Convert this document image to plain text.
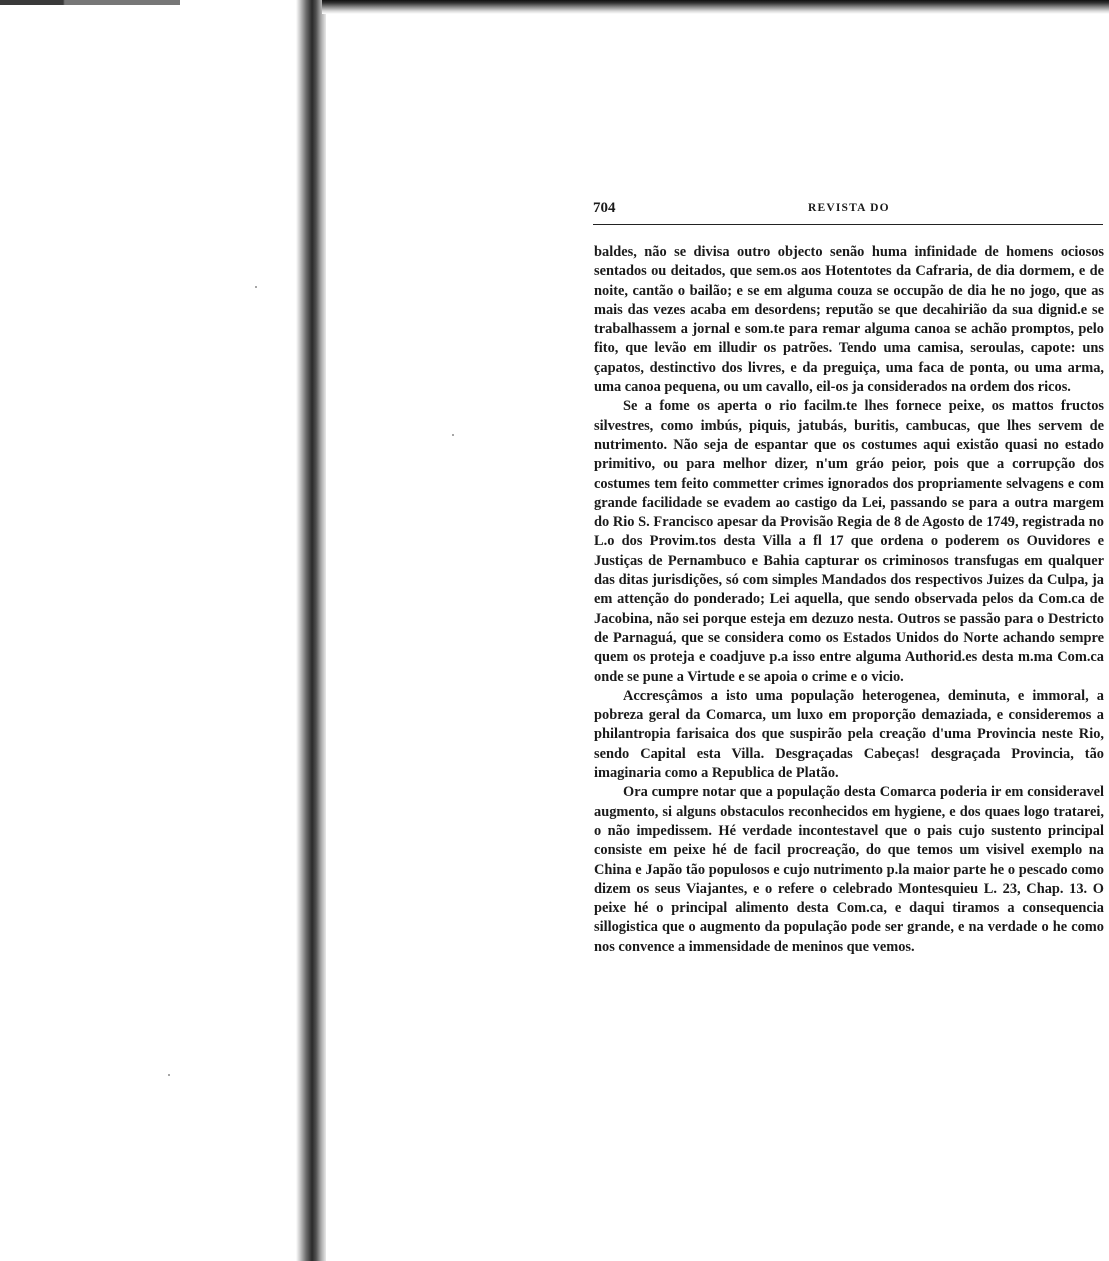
704	REVISTA DO

baldes, não se divisa outro objecto senão huma infinidade de homens ociosos sentados ou deitados, que sem.os aos Hotentotes da Cafraria, de dia dormem, e de noite, cantão o bailão; e se em alguma couza se occupão de dia he no jogo, que as mais das vezes acaba em desordens; reputão se que decahirião da sua dignid.e se trabalhassem a jornal e som.te para remar alguma canoa se achão promptos, pelo fito, que levão em illudir os patrões. Tendo uma camisa, seroulas, capote: uns çapatos, destinctivo dos livres, e da preguiça, uma faca de ponta, ou uma arma, uma canoa pequena, ou um cavallo, eil-os ja considerados na ordem dos ricos.

Se a fome os aperta o rio facilm.te lhes fornece peixe, os mattos fructos silvestres, como imbús, piquis, jatubás, buritis, cambucas, que lhes servem de nutrimento. Não seja de espantar que os costumes aqui existão quasi no estado primitivo, ou para melhor dizer, n'um gráo peior, pois que a corrupção dos costumes tem feito commetter crimes ignorados dos propriamente selvagens e com grande facilidade se evadem ao castigo da Lei, passando se para a outra margem do Rio S. Francisco apesar da Provisão Regia de 8 de Agosto de 1749, registrada no L.o dos Provim.tos desta Villa a fl 17 que ordena o poderem os Ouvidores e Justiças de Pernambuco e Bahia capturar os criminosos transfugas em qualquer das ditas jurisdições, só com simples Mandados dos respectivos Juizes da Culpa, ja em attenção do ponderado; Lei aquella, que sendo observada pelos da Com.ca de Jacobina, não sei porque esteja em dezuzo nesta. Outros se passão para o Destricto de Parnaguá, que se considera como os Estados Unidos do Norte achando sempre quem os proteja e coadjuve p.a isso entre alguma Authorid.es desta m.ma Com.ca onde se pune a Virtude e se apoia o crime e o vicio.

Accresçâmos a isto uma população heterogenea, deminuta, e immoral, a pobreza geral da Comarca, um luxo em proporção demaziada, e consideremos a philantropia farisaica dos que suspirão pela creação d'uma Provincia neste Rio, sendo Capital esta Villa. Desgraçadas Cabeças! desgraçada Provincia, tão imaginaria como a Republica de Platão.

Ora cumpre notar que a população desta Comarca poderia ir em consideravel augmento, si alguns obstaculos reconhecidos em hygiene, e dos quaes logo tratarei, o não impedissem. Hé verdade incontestavel que o pais cujo sustento principal consiste em peixe hé de facil procreação, do que temos um visivel exemplo na China e Japão tão populosos e cujo nutrimento p.la maior parte he o pescado como dizem os seus Viajantes, e o refere o celebrado Montesquieu L. 23, Chap. 13. O peixe hé o principal alimento desta Com.ca, e daqui tiramos a consequencia sillogistica que o augmento da população pode ser grande, e na verdade o he como nos convence a immensidade de meninos que vemos.
